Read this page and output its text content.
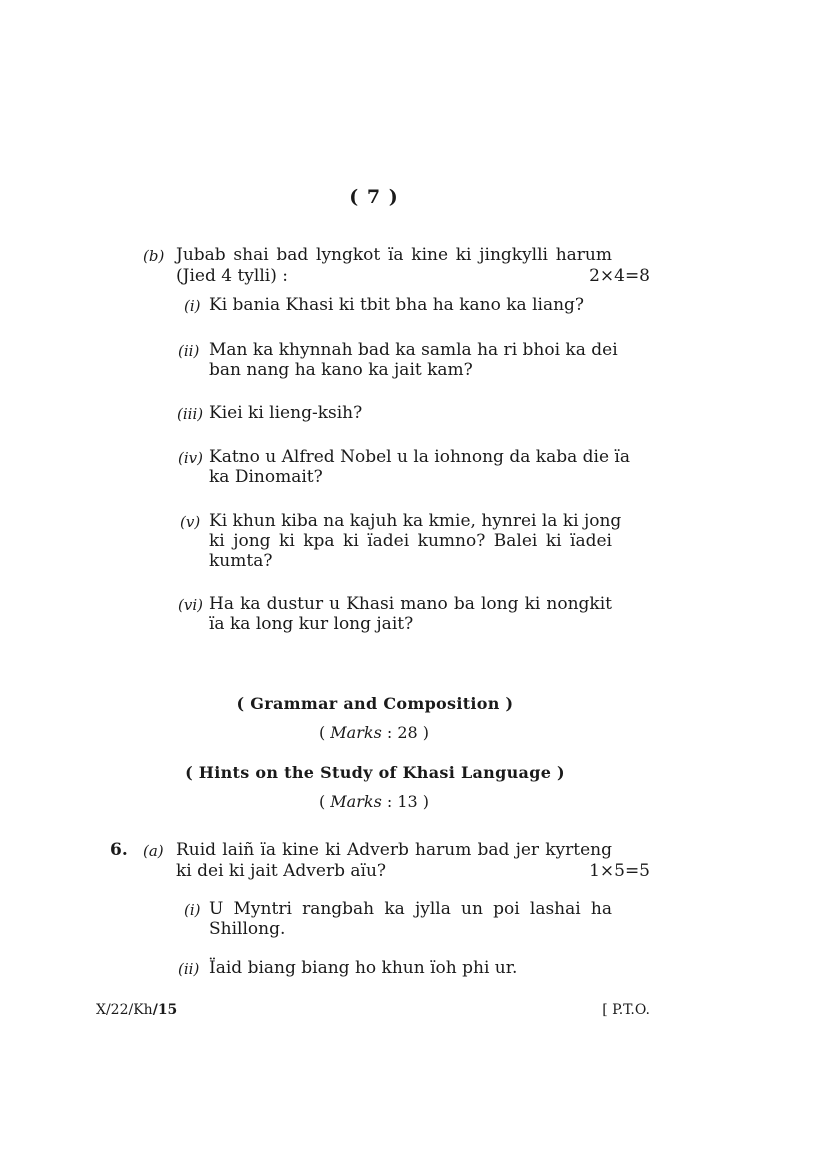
( 7 )
(b) Jubab shai bad lyngkot ïa kine ki jingkylli harum
(Jied 4 tylli) :	2×4=8
(i) Ki bania Khasi ki tbit bha ha kano ka liang?
(ii) Man ka khynnah bad ka samla ha ri bhoi ka dei
ban nang ha kano ka jait kam?
(iii) Kiei ki lieng-ksih?
(iv) Katno u Alfred Nobel u la iohnong da kaba die ïa
ka Dinomait?
(v) Ki khun kiba na kajuh ka kmie, hynrei la ki jong
ki jong ki kpa ki ïadei kumno? Balei ki ïadei
kumta?
(vi) Ha ka dustur u Khasi mano ba long ki nongkit
ïa ka long kur long jait?
( Grammar and Composition )
( Marks : 28 )
( Hints on the Study of Khasi Language )
( Marks : 13 )
6. (a) Ruid laiñ ïa kine ki Adverb harum bad jer kyrteng
ki dei ki jait Adverb aïu?	1×5=5
(i) U Myntri rangbah ka jylla un poi lashai ha
Shillong.
(ii) Ïaid biang biang ho khun ïoh phi ur.
X/22/Kh/15	[ P.T.O.
